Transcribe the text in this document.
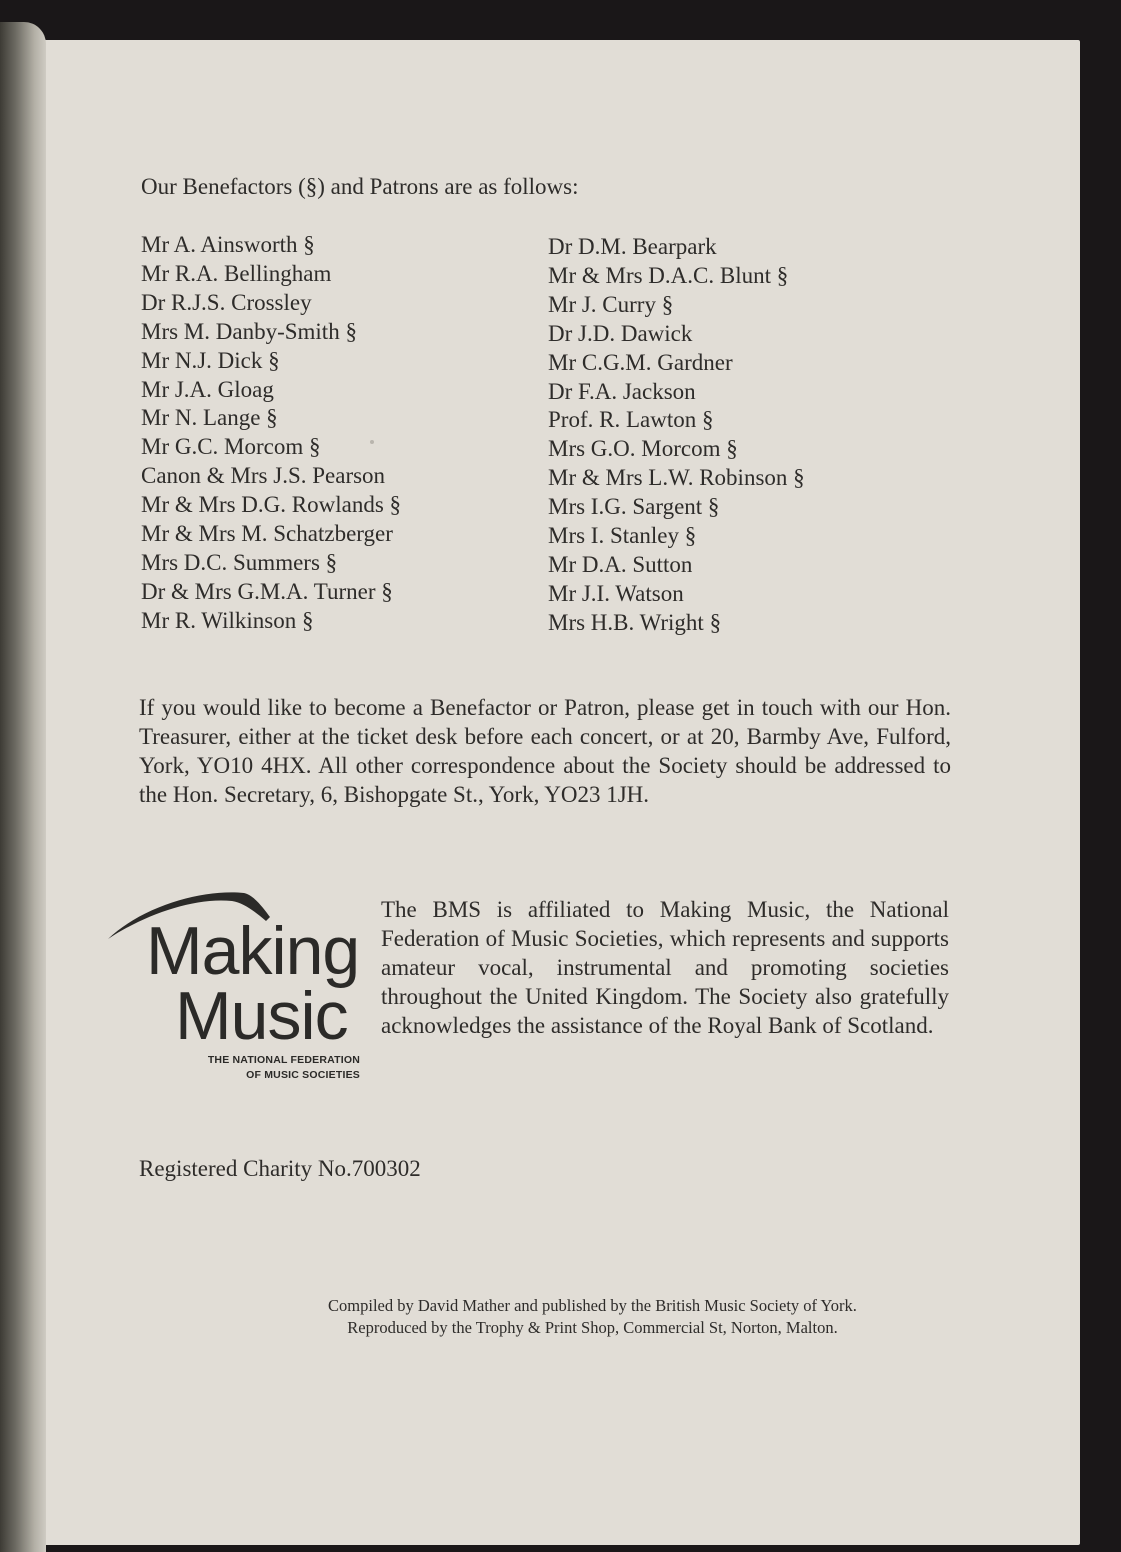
Our Benefactors (§) and Patrons are as follows:
Mr A. Ainsworth §
Mr R.A. Bellingham
Dr R.J.S. Crossley
Mrs M. Danby-Smith §
Mr N.J. Dick §
Mr J.A. Gloag
Mr N. Lange §
Mr G.C. Morcom §
Canon & Mrs J.S. Pearson
Mr & Mrs D.G. Rowlands §
Mr & Mrs M. Schatzberger
Mrs D.C. Summers §
Dr & Mrs G.M.A. Turner §
Mr R. Wilkinson §
Dr D.M. Bearpark
Mr & Mrs D.A.C. Blunt §
Mr J. Curry §
Dr J.D. Dawick
Mr C.G.M. Gardner
Dr F.A. Jackson
Prof. R. Lawton §
Mrs G.O. Morcom §
Mr & Mrs L.W. Robinson §
Mrs I.G. Sargent §
Mrs I. Stanley §
Mr D.A. Sutton
Mr J.I. Watson
Mrs H.B. Wright §

If you would like to become a Benefactor or Patron, please get in touch with our Hon. Treasurer, either at the ticket desk before each concert, or at 20, Barmby Ave, Fulford, York, YO10 4HX. All other correspondence about the Society should be addressed to the Hon. Secretary, 6, Bishopgate St., York, YO23 1JH.

Making
Music
THE NATIONAL FEDERATION
OF MUSIC SOCIETIES

The BMS is affiliated to Making Music, the National Federation of Music Societies, which represents and supports amateur vocal, instrumental and promoting societies throughout the United Kingdom. The Society also gratefully acknowledges the assistance of the Royal Bank of Scotland.

Registered Charity No.700302
Compiled by David Mather and published by the British Music Society of York.
Reproduced by the Trophy & Print Shop, Commercial St, Norton, Malton.
